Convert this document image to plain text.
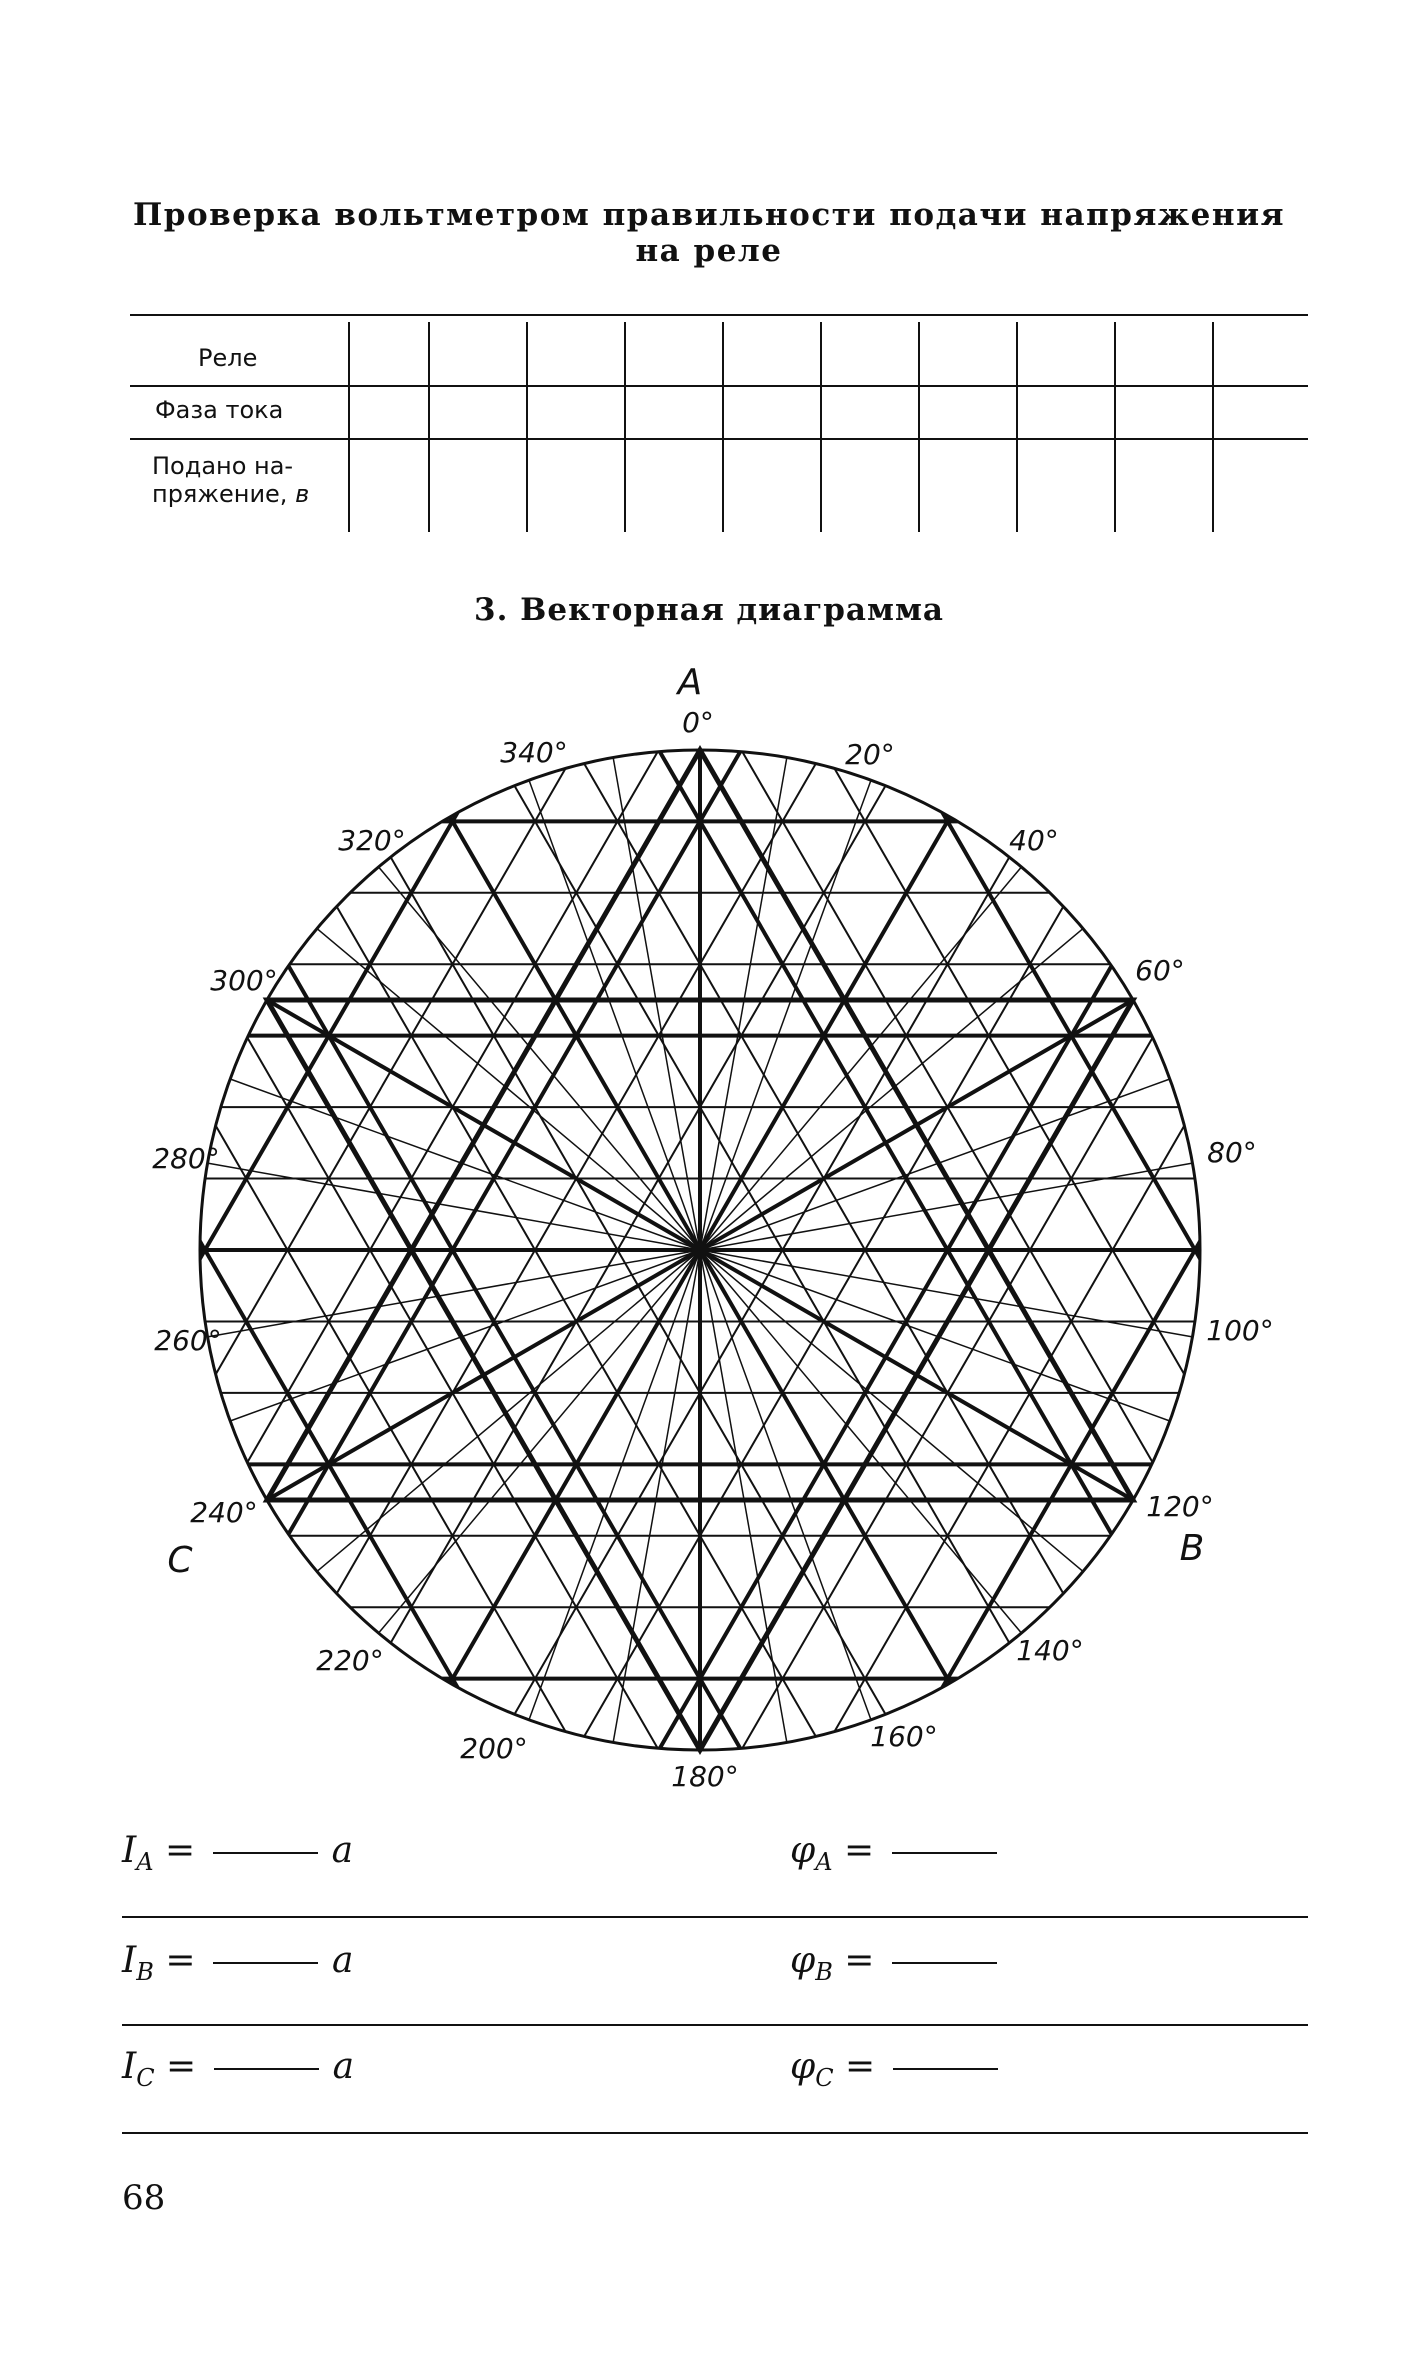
Проверка вольтметром правильности подачи напряжения
на реле
Реле
Фаза тока
Подано на-
пряжение, в
3. Векторная диаграмма
0°
20°
40°
60°
80°
100°
120°
140°
160°
180°
200°
220°
240°
260°
280°
300°
320°
340°
A
B
C
$I_A$ =	a	$\varphi_A$ =
$I_B$ =	a	$\varphi_B$ =
$I_C$ =	a	$\varphi_C$ =
68
